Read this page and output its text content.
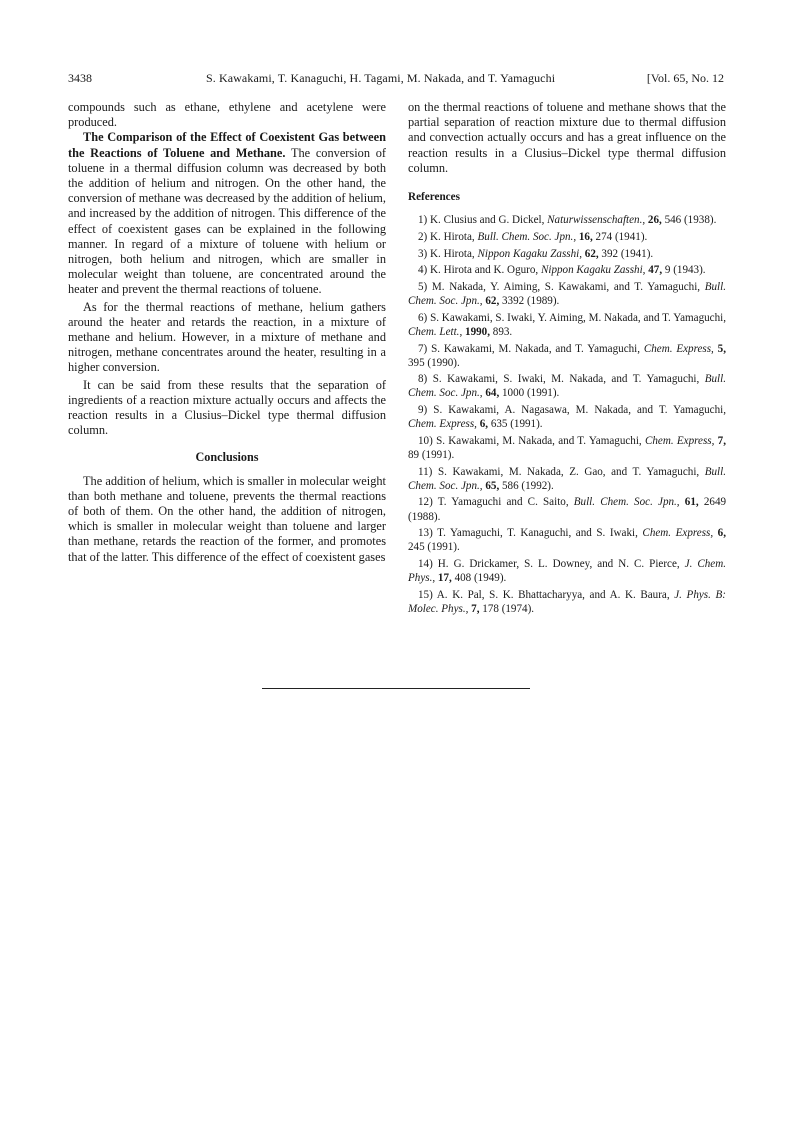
3438	S. Kawakami, T. Kanaguchi, H. Tagami, M. Nakada, and T. Yamaguchi	[Vol. 65, No. 12

compounds such as ethane, ethylene and acetylene were produced.

The Comparison of the Effect of Coexistent Gas between the Reactions of Toluene and Methane. The conversion of toluene in a thermal diffusion column was decreased by both the addition of helium and nitrogen. On the other hand, the conversion of methane was decreased by the addition of helium, and increased by the addition of nitrogen. This difference of the effect of coexistent gases can be explained in the following manner. In regard of a mixture of toluene with helium or nitrogen, both helium and nitrogen, which are smaller in molecular weight than toluene, are concentrated around the heater and prevent the thermal reactions of toluene.

As for the thermal reactions of methane, helium gathers around the heater and retards the reaction, in a mixture of methane and helium. However, in a mixture of methane and nitrogen, methane concentrates around the heater, resulting in a higher conversion.

It can be said from these results that the separation of ingredients of a reaction mixture actually occurs and affects the reaction results in a Clusius–Dickel type thermal diffusion column.

Conclusions

The addition of helium, which is smaller in molecular weight than both methane and toluene, prevents the thermal reactions of both of them. On the other hand, the addition of nitrogen, which is smaller in molecular weight than toluene and larger than methane, retards the reaction of the former, and promotes that of the latter. This difference of the effect of coexistent gases

on the thermal reactions of toluene and methane shows that the partial separation of reaction mixture due to thermal diffusion and convection actually occurs and has a great influence on the reaction results in a Clusius–Dickel type thermal diffusion column.

References

1) K. Clusius and G. Dickel, Naturwissenschaften., 26, 546 (1938).

2) K. Hirota, Bull. Chem. Soc. Jpn., 16, 274 (1941).

3) K. Hirota, Nippon Kagaku Zasshi, 62, 392 (1941).

4) K. Hirota and K. Oguro, Nippon Kagaku Zasshi, 47, 9 (1943).

5) M. Nakada, Y. Aiming, S. Kawakami, and T. Yamaguchi, Bull. Chem. Soc. Jpn., 62, 3392 (1989).

6) S. Kawakami, S. Iwaki, Y. Aiming, M. Nakada, and T. Yamaguchi, Chem. Lett., 1990, 893.

7) S. Kawakami, M. Nakada, and T. Yamaguchi, Chem. Express, 5, 395 (1990).

8) S. Kawakami, S. Iwaki, M. Nakada, and T. Yamaguchi, Bull. Chem. Soc. Jpn., 64, 1000 (1991).

9) S. Kawakami, A. Nagasawa, M. Nakada, and T. Yamaguchi, Chem. Express, 6, 635 (1991).

10) S. Kawakami, M. Nakada, and T. Yamaguchi, Chem. Express, 7, 89 (1991).

11) S. Kawakami, M. Nakada, Z. Gao, and T. Yamaguchi, Bull. Chem. Soc. Jpn., 65, 586 (1992).

12) T. Yamaguchi and C. Saito, Bull. Chem. Soc. Jpn., 61, 2649 (1988).

13) T. Yamaguchi, T. Kanaguchi, and S. Iwaki, Chem. Express, 6, 245 (1991).

14) H. G. Drickamer, S. L. Downey, and N. C. Pierce, J. Chem. Phys., 17, 408 (1949).

15) A. K. Pal, S. K. Bhattacharyya, and A. K. Baura, J. Phys. B: Molec. Phys., 7, 178 (1974).
